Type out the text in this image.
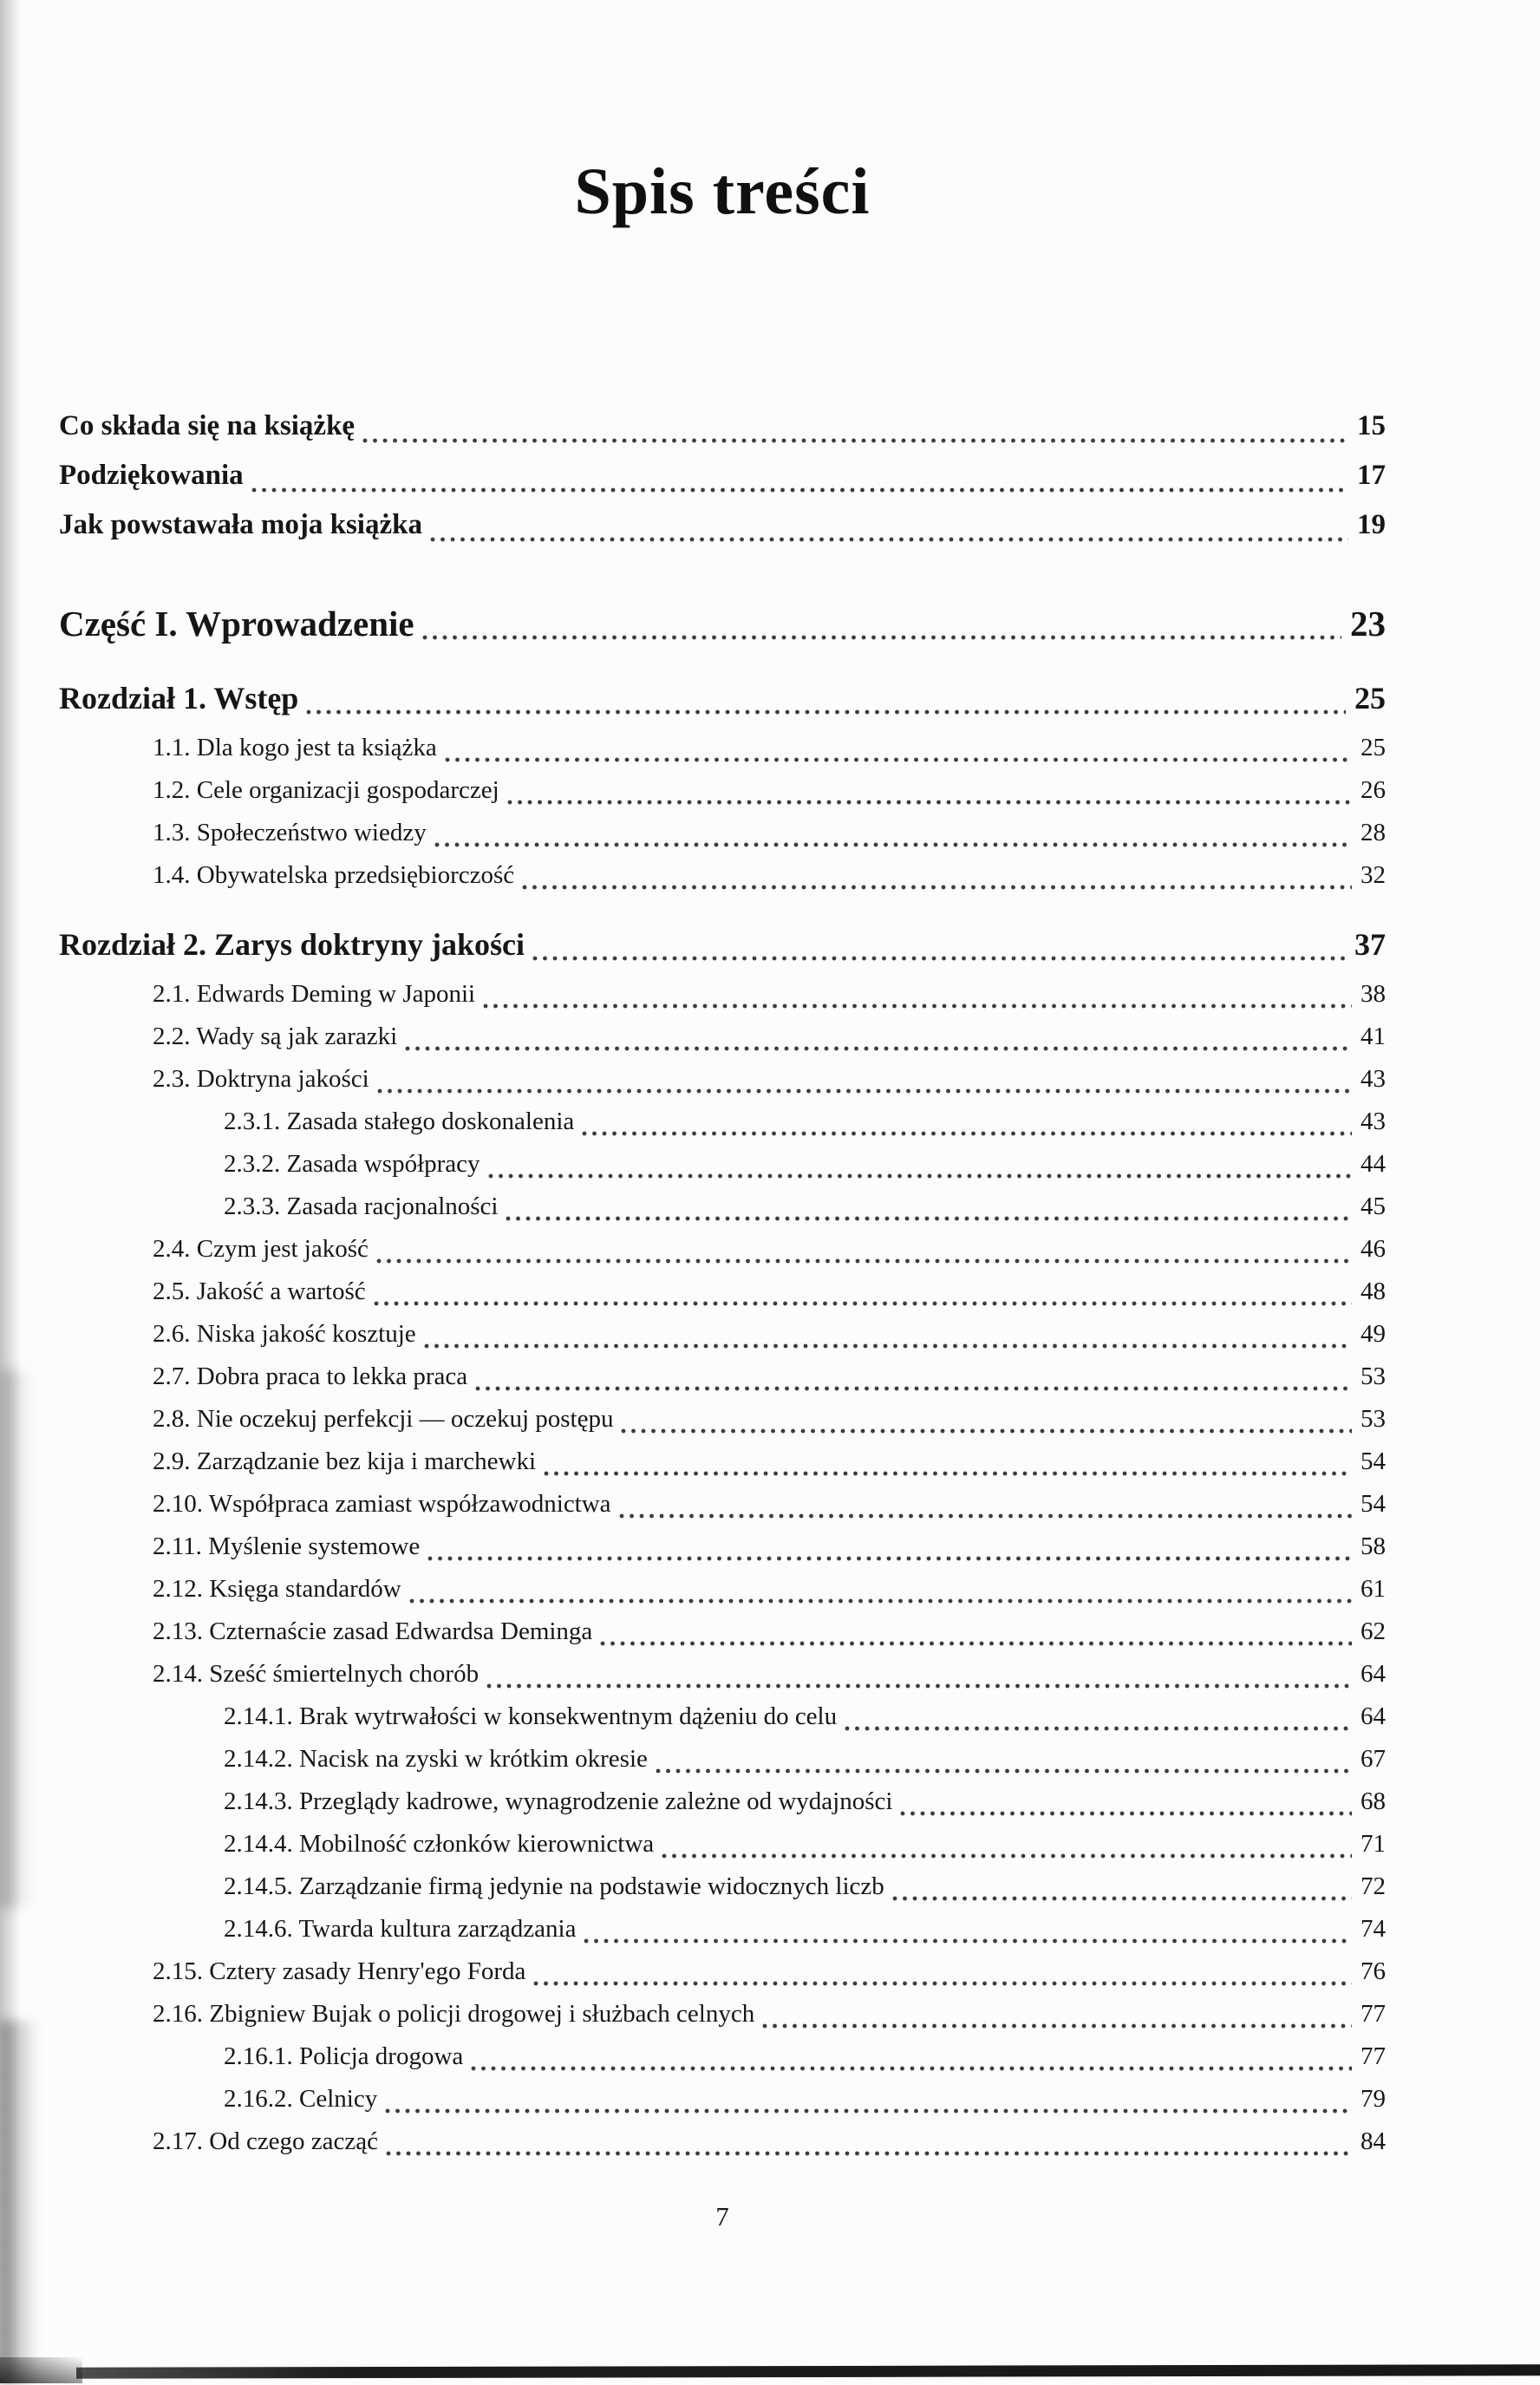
Spis treści
Co składa się na książkę	15
Podziękowania	17
Jak powstawała moja książka	19
Część I. Wprowadzenie	23
Rozdział 1. Wstęp	25
1.1. Dla kogo jest ta książka	25
1.2. Cele organizacji gospodarczej	26
1.3. Społeczeństwo wiedzy	28
1.4. Obywatelska przedsiębiorczość	32
Rozdział 2. Zarys doktryny jakości	37
2.1. Edwards Deming w Japonii	38
2.2. Wady są jak zarazki	41
2.3. Doktryna jakości	43
2.3.1. Zasada stałego doskonalenia	43
2.3.2. Zasada współpracy	44
2.3.3. Zasada racjonalności	45
2.4. Czym jest jakość	46
2.5. Jakość a wartość	48
2.6. Niska jakość kosztuje	49
2.7. Dobra praca to lekka praca	53
2.8. Nie oczekuj perfekcji — oczekuj postępu	53
2.9. Zarządzanie bez kija i marchewki	54
2.10. Współpraca zamiast współzawodnictwa	54
2.11. Myślenie systemowe	58
2.12. Księga standardów	61
2.13. Czternaście zasad Edwardsa Deminga	62
2.14. Sześć śmiertelnych chorób	64
2.14.1. Brak wytrwałości w konsekwentnym dążeniu do celu	64
2.14.2. Nacisk na zyski w krótkim okresie	67
2.14.3. Przeglądy kadrowe, wynagrodzenie zależne od wydajności	68
2.14.4. Mobilność członków kierownictwa	71
2.14.5. Zarządzanie firmą jedynie na podstawie widocznych liczb	72
2.14.6. Twarda kultura zarządzania	74
2.15. Cztery zasady Henry'ego Forda	76
2.16. Zbigniew Bujak o policji drogowej i służbach celnych	77
2.16.1. Policja drogowa	77
2.16.2. Celnicy	79
2.17. Od czego zacząć	84
7
